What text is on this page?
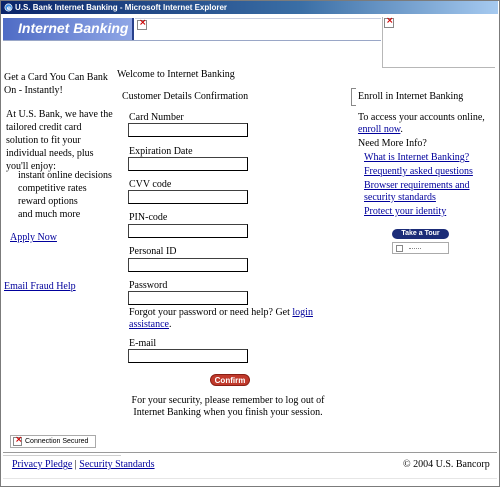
e U.S. Bank Internet Banking - Microsoft Internet Explorer
Internet Banking
×
×
Get a Card You Can Bank On - Instantly!
At U.S. Bank, we have the tailored credit card solution to fit your individual needs, plus you'll enjoy:
instant online decisions
competitive rates
reward options
and much more
Apply Now
Email Fraud Help
Welcome to Internet Banking
Customer Details Confirmation
Card Number
Expiration Date
CVV code
PIN-code
Personal ID
Password
Forgot your password or need help? Get login assistance.
E-mail
Confirm
For your security, please remember to log out of Internet Banking when you finish your session.
Enroll in Internet Banking
To access your accounts online, enroll now.
Need More Info?
What is Internet Banking?
Frequently asked questions
Browser requirements and security standards
Protect your identity
Take a Tour
×
Connection Secured
Privacy Pledge | Security Standards	© 2004 U.S. Bancorp
